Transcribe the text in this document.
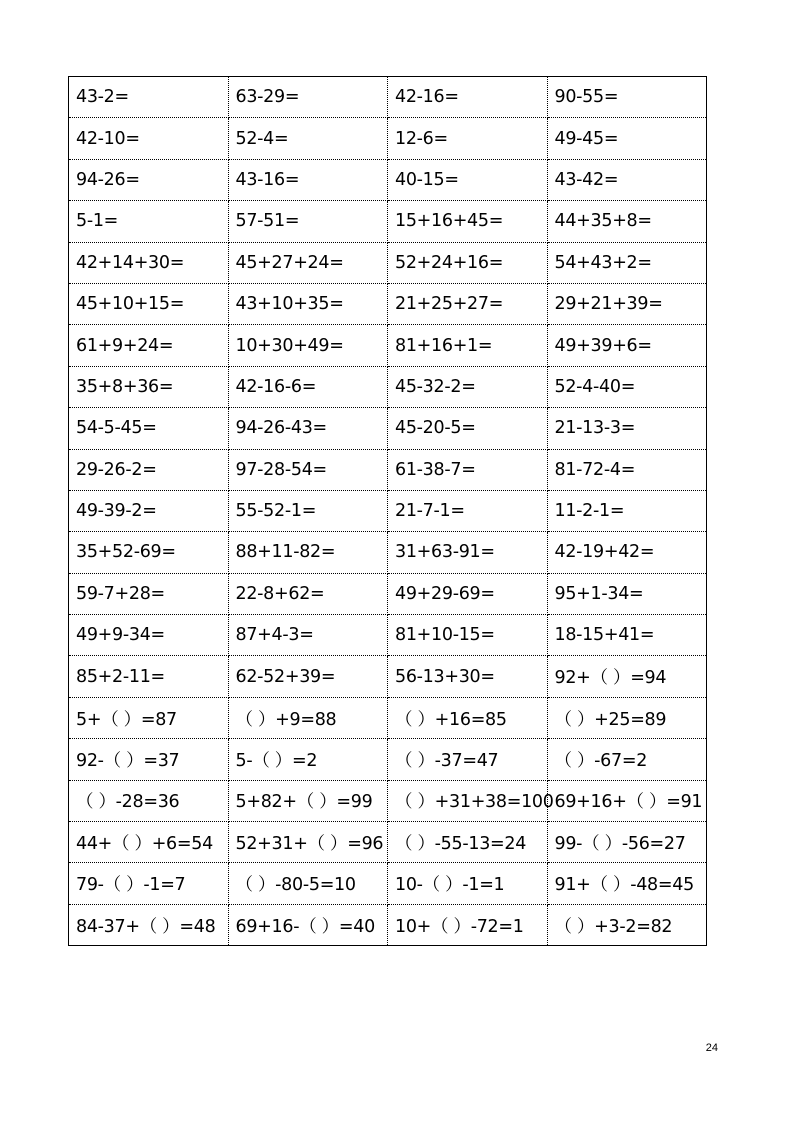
43-2=	63-29=	42-16=	90-55=
42-10=	52-4=	12-6=	49-45=
94-26=	43-16=	40-15=	43-42=
5-1=	57-51=	15+16+45=	44+35+8=
42+14+30=	45+27+24=	52+24+16=	54+43+2=
45+10+15=	43+10+35=	21+25+27=	29+21+39=
61+9+24=	10+30+49=	81+16+1=	49+39+6=
35+8+36=	42-16-6=	45-32-2=	52-4-40=
54-5-45=	94-26-43=	45-20-5=	21-13-3=
29-26-2=	97-28-54=	61-38-7=	81-72-4=
49-39-2=	55-52-1=	21-7-1=	11-2-1=
35+52-69=	88+11-82=	31+63-91=	42-19+42=
59-7+28=	22-8+62=	49+29-69=	95+1-34=
49+9-34=	87+4-3=	81+10-15=	18-15+41=
85+2-11=	62-52+39=	56-13+30=	92+（ ）=94
5+（ ）=87	（ ）+9=88	（ ）+16=85	（ ）+25=89
92-（ ）=37	5-（ ）=2	（ ）-37=47	（ ）-67=2
（ ）-28=36	5+82+（ ）=99	（ ）+31+38=100	69+16+（ ）=91
44+（ ）+6=54	52+31+（ ）=96	（ ）-55-13=24	99-（ ）-56=27
79-（ ）-1=7	（ ）-80-5=10	10-（ ）-1=1	91+（ ）-48=45
84-37+（ ）=48	69+16-（ ）=40	10+（ ）-72=1	（ ）+3-2=82
24
